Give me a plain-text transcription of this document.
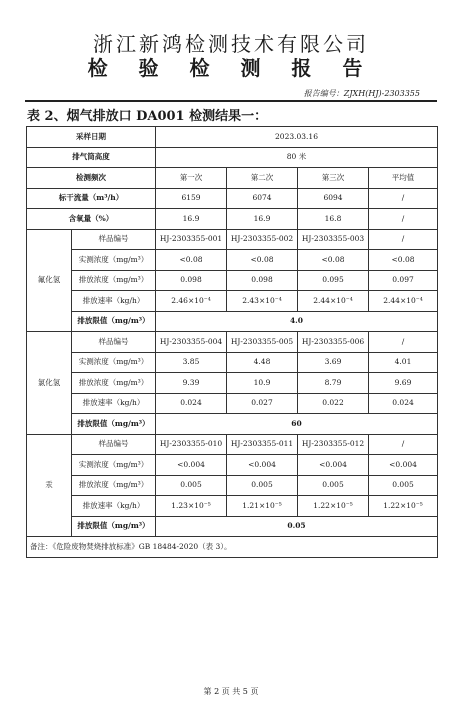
浙江新鸿检测技术有限公司
检 验 检 测 报 告
报告编号：ZJXH(HJ)-2303355
表 2、烟气排放口 DA001 检测结果一：
采样日期		2023.03.16			
排气筒高度		80 米			
检测频次		第一次	第二次	第三次	平均值
标干流量（m³/h）		6159	6074	6094	/
含氧量（%）		16.9	16.9	16.8	/
氟化氢	样品编号	HJ-2303355-001	HJ-2303355-002	HJ-2303355-003	/
	实测浓度（mg/m³）	<0.08	<0.08	<0.08	<0.08
	排放浓度（mg/m³）	0.098	0.098	0.095	0.097
	排放速率（kg/h）	2.46×10⁻⁴	2.43×10⁻⁴	2.44×10⁻⁴	2.44×10⁻⁴
	排放限值（mg/m³）	4.0			
氯化氢	样品编号	HJ-2303355-004	HJ-2303355-005	HJ-2303355-006	/
	实测浓度（mg/m³）	3.85	4.48	3.69	4.01
	排放浓度（mg/m³）	9.39	10.9	8.79	9.69
	排放速率（kg/h）	0.024	0.027	0.022	0.024
	排放限值（mg/m³）	60			
汞	样品编号	HJ-2303355-010	HJ-2303355-011	HJ-2303355-012	/
	实测浓度（mg/m³）	<0.004	<0.004	<0.004	<0.004
	排放浓度（mg/m³）	0.005	0.005	0.005	0.005
	排放速率（kg/h）	1.23×10⁻⁵	1.21×10⁻⁵	1.22×10⁻⁵	1.22×10⁻⁵
	排放限值（mg/m³）	0.05			
备注：《危险废物焚烧排放标准》GB 18484-2020（表 3）。					
第 2 页 共 5 页
